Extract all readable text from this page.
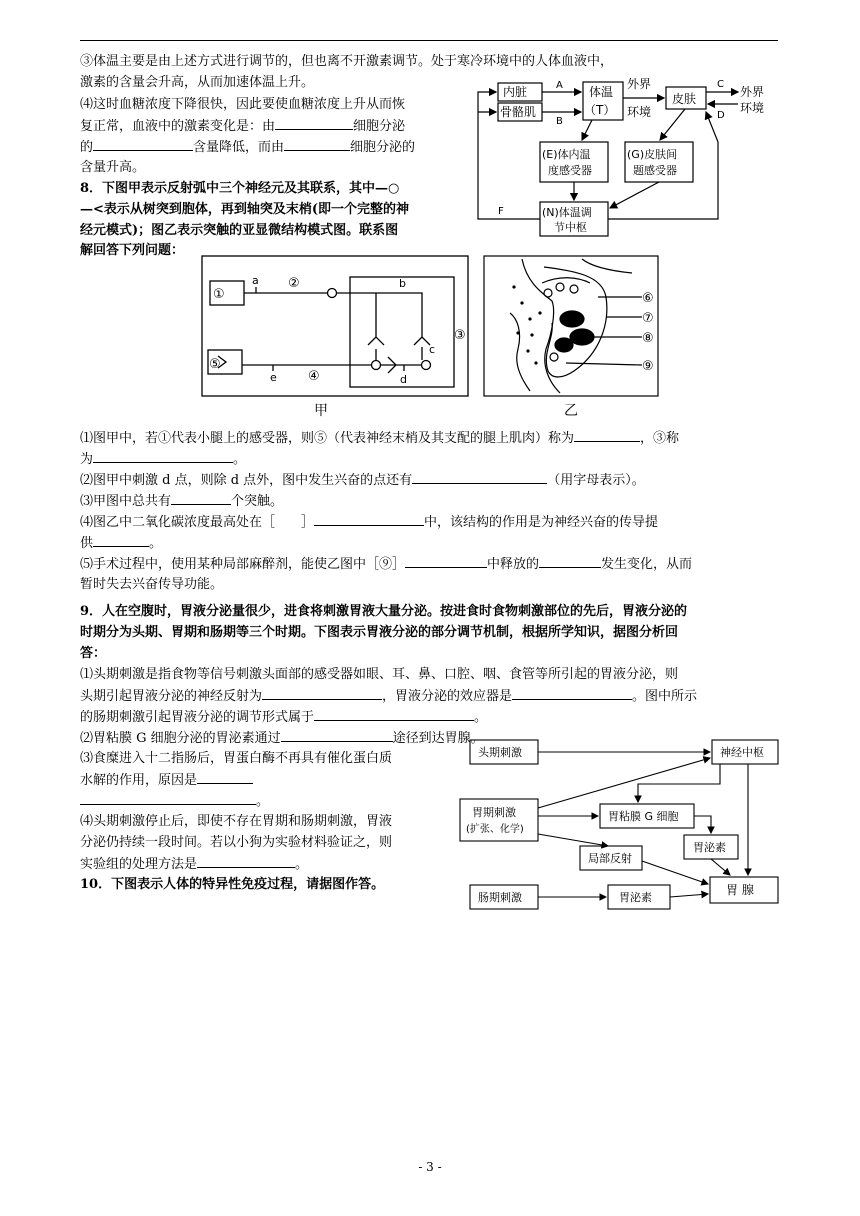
③体温主要是由上述方式进行调节的，但也离不开激素调节。处于寒冷环境中的人体血液中，
激素的含量会升高，从而加速体温上升。
⑷这时血糖浓度下降很快，因此要使血糖浓度上升从而恢
复正常，血液中的激素变化是：由	细胞分泌
的	含量降低，而由	细胞分泌的
含量升高。
内脏
骨骼肌
体温
（T）
外界
环境
皮肤	外界
环境
A
B
C
D
F
(E)体内温
度感受器
(G)皮肤间
题感受器
(N)体温调
节中枢
8．下图甲表示反射弧中三个神经元及其联系，其中—○
—<表示从树突到胞体，再到轴突及末梢(即一个完整的神
经元模式)；图乙表示突触的亚显微结构模式图。联系图
解回答下列问题：
①
②
③
④
⑤
a	b
c
d
e
甲
⑥
⑦
⑧
⑨
乙
⑴图甲中，若①代表小腿上的感受器，则⑤（代表神经末梢及其支配的腿上肌肉）称为	，③称
为	。
⑵图甲中刺激 d 点，则除 d 点外，图中发生兴奋的点还有	（用字母表示）。
⑶甲图中总共有	个突触。
⑷图乙中二氧化碳浓度最高处在［　　］	中，该结构的作用是为神经兴奋的传导提
供	。
⑸手术过程中，使用某种局部麻醉剂，能使乙图中［⑨］	中释放的	发生变化，从而
暂时失去兴奋传导功能。
9．人在空腹时，胃液分泌量很少，进食将刺激胃液大量分泌。按进食时食物刺激部位的先后，胃液分泌的
时期分为头期、胃期和肠期等三个时期。下图表示胃液分泌的部分调节机制，根据所学知识，据图分析回
答：
⑴头期刺激是指食物等信号刺激头面部的感受器如眼、耳、鼻、口腔、咽、食管等所引起的胃液分泌，则
头期引起胃液分泌的神经反射为	，胃液分泌的效应器是	。图中所示
的肠期刺激引起胃液分泌的调节形式属于	。
⑵胃粘膜 G 细胞分泌的胃泌素通过	途径到达胃腺。
⑶食糜进入十二指肠后，胃蛋白酶不再具有催化蛋白质
水解的作用，原因是
。
⑷头期刺激停止后，即使不存在胃期和肠期刺激，胃液
分泌仍持续一段时间。若以小狗为实验材料验证之，则
实验组的处理方法是	。
10．下图表示人体的特异性免疫过程，请据图作答。
头期刺激	神经中枢
胃期刺激
(扩张、化学)
胃粘膜 G 细胞
胃泌素
局部反射
胃 腺
肠期刺激	胃泌素
- 3 -
